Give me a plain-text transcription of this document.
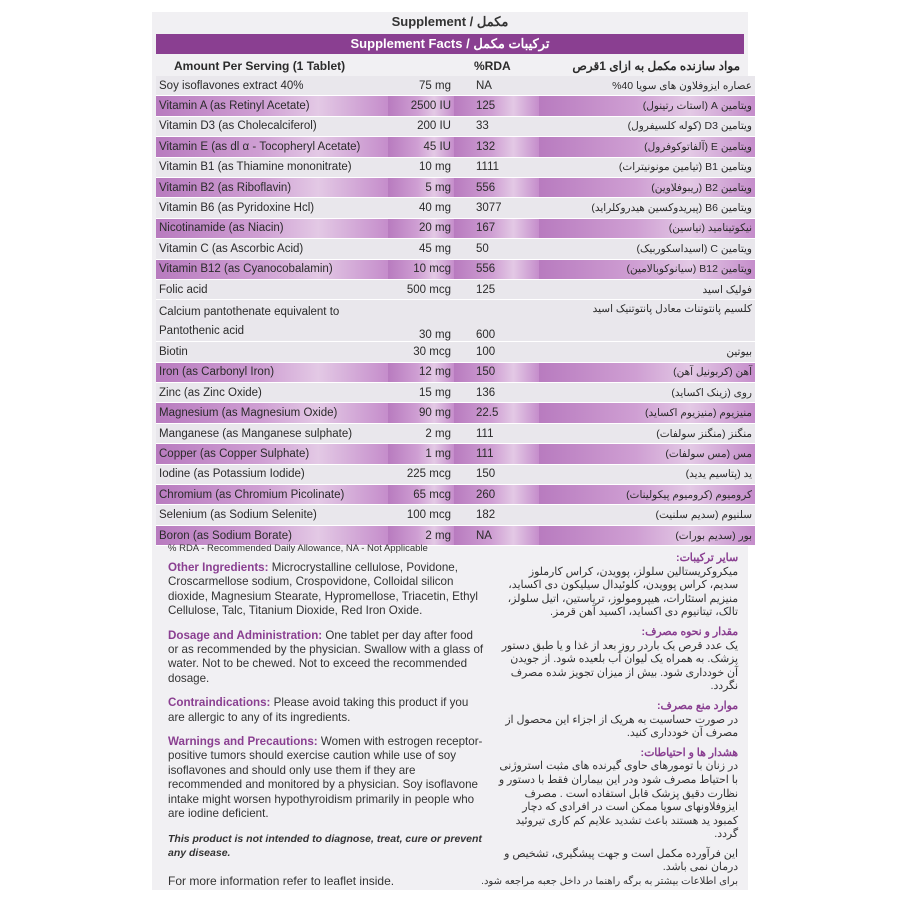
Supplement / مکمل
Supplement Facts / ترکیبات مکمل
Amount Per Serving (1 Tablet)	%RDA	مواد سازنده مکمل به ازای 1قرص
Soy isoflavones extract 40%	75 mg	NA	عصاره ایزوفلاون های سویا 40%
Vitamin A (as Retinyl Acetate)	2500 IU	125	ویتامین A (استات رتینول)
Vitamin D3 (as Cholecalciferol)	200 IU	33	ویتامین D3 (کوله کلسیفرول)
Vitamin E (as dl α - Tocopheryl Acetate)	45 IU	132	ویتامین E (آلفاتوکوفرول)
Vitamin B1 (as Thiamine mononitrate)	10 mg	1111	ویتامین B1 (تیامین مونونیترات)
Vitamin B2 (as Riboflavin)	5 mg	556	ویتامین B2 (ریبوفلاوین)
Vitamin B6 (as Pyridoxine Hcl)	40 mg	3077	ویتامین B6 (پیریدوکسین هیدروکلراید)
Nicotinamide (as Niacin)	20 mg	167	نیکوتینامید (نیاسین)
Vitamin C (as Ascorbic Acid)	45 mg	50	ویتامین C (اسیداسکوربیک)
Vitamin B12 (as Cyanocobalamin)	10 mcg	556	ویتامین B12 (سیانوکوبالامین)
Folic acid	500 mcg	125	فولیک اسید

Calcium pantothenate equivalent to
Pantothenic acid	30 mg	600	کلسیم پانتوتنات معادل پانتوتنیک اسید
Biotin	30 mcg	100	بیوتین
Iron (as Carbonyl Iron)	12 mg	150	آهن (کربونیل آهن)
Zinc (as Zinc Oxide)	15 mg	136	روی (زینک اکساید)
Magnesium (as Magnesium Oxide)	90 mg	22.5	منیزیوم (منیزیوم اکساید)
Manganese (as Manganese sulphate)	2 mg	111	منگنز (منگنز سولفات)
Copper (as Copper Sulphate)	1 mg	111	مس (مس سولفات)
Iodine (as Potassium Iodide)	225 mcg	150	ید (پتاسیم یدید)
Chromium (as Chromium Picolinate)	65 mcg	260	کرومیوم (کرومیوم پیکولینات)
Selenium (as Sodium Selenite)	100 mcg	182	سلنیوم (سدیم سلنیت)
Boron (as Sodium Borate)	2 mg	NA	بور (سدیم بورات)
% RDA - Recommended Daily Allowance, NA - Not Applicable

Other Ingredients: Microcrystalline cellulose, Povidone, Croscarmellose sodium, Crospovidone, Colloidal silicon dioxide, Magnesium Stearate, Hypromellose, Triacetin, Ethyl Cellulose, Talc, Titanium Dioxide, Red Iron Oxide.

Dosage and Administration: One tablet per day after food or as recommended by the physician. Swallow with a glass of water. Not to be chewed. Not to exceed the recommended dosage.

Contraindications: Please avoid taking this product if you are allergic to any of its ingredients.

Warnings and Precautions: Women with estrogen receptor-positive tumors should exercise caution while use of soy isoflavones and should only use them if they are recommended and monitored by a physician. Soy isoflavone intake might worsen hypothyroidism primarily in people who are iodine deficient.

This product is not intended to diagnose, treat, cure or prevent any disease.
سایر ترکیبات:

میکروکریستالین سلولز، پوویدن، کراس کارملوز سدیم، کراس پوویدن، کلوئیدال سیلیکون دی اکساید، منیزیم استئارات، هیپرومولوز، تریاستین، اتیل سلولز، تالک، تیتانیوم دی اکساید، اکسید آهن قرمز.

مقدار و نحوه مصرف:

یک عدد قرص یک باردر روز بعد از غذا و یا طبق دستور پزشک. به همراه یک لیوان آب بلعیده شود. از جویدن آن خودداری شود. بیش از میزان تجویز شده مصرف نگردد.

موارد منع مصرف:

در صورت حساسیت به هریک از اجزاء این محصول از مصرف آن خودداری کنید.

هشدار ها و احتیاطات:

در زنان با تومورهای حاوی گیرنده های مثبت استروژنی با احتیاط مصرف شود ودر این بیماران فقط با دستور و نظارت دقیق پزشک قابل استفاده است . مصرف ایزوفلاونهای سویا ممکن است در افرادی که دچار کمبود ید هستند باعث تشدید علایم کم کاری تیروئید گردد.

این فرآورده مکمل است و جهت پیشگیری، تشخیص و درمان نمی باشد.

For more information refer to leaflet inside.	برای اطلاعات بیشتر به برگه راهنما در داخل جعبه مراجعه شود.
